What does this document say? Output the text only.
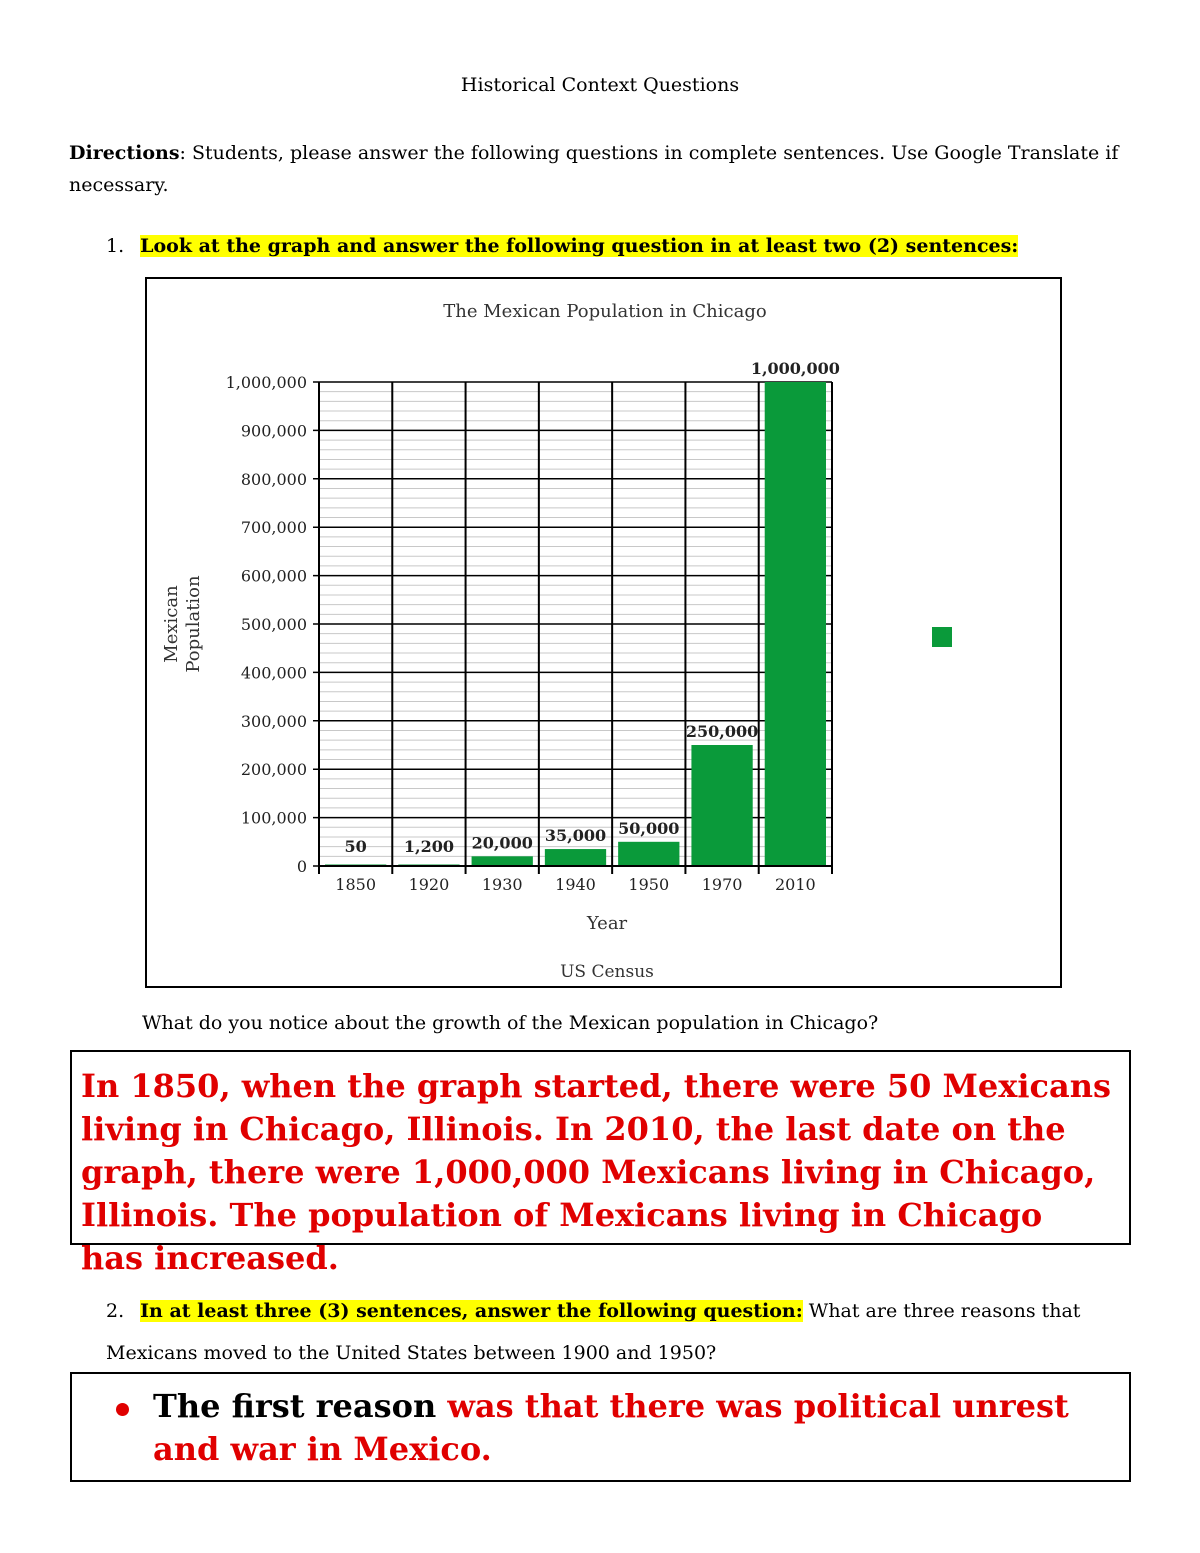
Historical Context Questions
Directions: Students, please answer the following questions in complete sentences. Use Google Translate if necessary.
1. Look at the graph and answer the following question in at least two (2) sentences:
0
100,000
200,000
300,000
400,000
500,000
600,000
700,000
800,000
900,000
1,000,000
1850
50
1920
1,200
1930
20,000
1940
35,000
1950
50,000
1970
250,000
2010
1,000,000
The Mexican Population in Chicago
Year
US Census
Mexican Population
What do you notice about the growth of the Mexican population in Chicago?
In 1850, when the graph started, there were 50 Mexicans living in Chicago, Illinois. In 2010, the last date on the graph, there were 1,000,000 Mexicans living in Chicago, Illinois. The population of Mexicans living in Chicago has increased.
2. In at least three (3) sentences, answer the following question: What are three reasons that Mexicans moved to the United States between 1900 and 1950?
The first reason was that there was political unrest and war in Mexico.
